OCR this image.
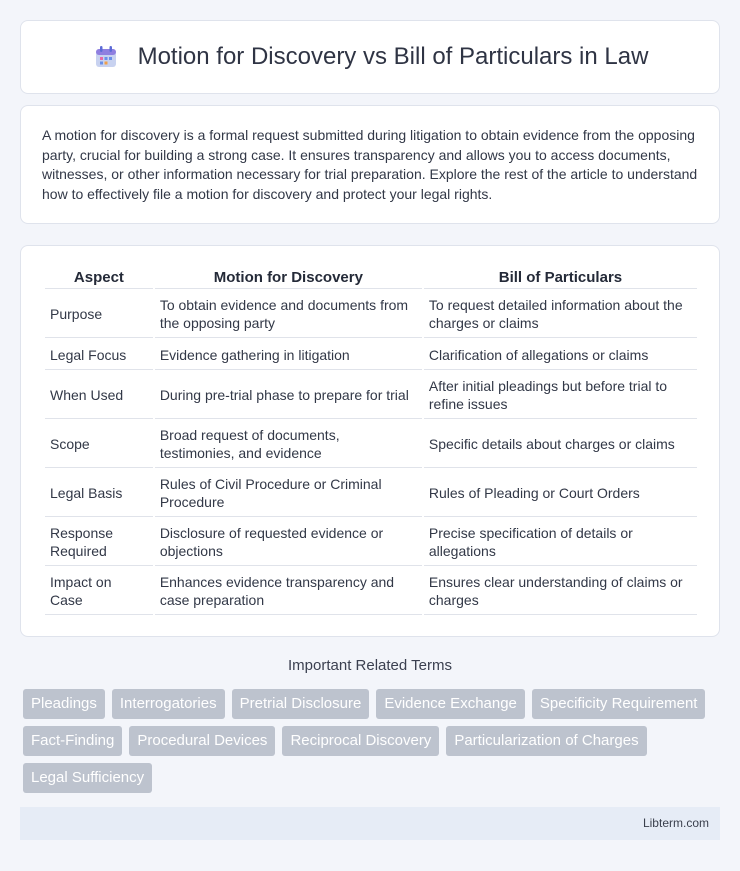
Motion for Discovery vs Bill of Particulars in Law

A motion for discovery is a formal request submitted during litigation to obtain evidence from the opposing party, crucial for building a strong case. It ensures transparency and allows you to access documents, witnesses, or other information necessary for trial preparation. Explore the rest of the article to understand how to effectively file a motion for discovery and protect your legal rights.

Aspect	Motion for Discovery	Bill of Particulars
Purpose	To obtain evidence and documents from the opposing party	To request detailed information about the charges or claims
Legal Focus	Evidence gathering in litigation	Clarification of allegations or claims
When Used	During pre-trial phase to prepare for trial	After initial pleadings but before trial to refine issues
Scope	Broad request of documents, testimonies, and evidence	Specific details about charges or claims
Legal Basis	Rules of Civil Procedure or Criminal Procedure	Rules of Pleading or Court Orders
Response Required	Disclosure of requested evidence or objections	Precise specification of details or allegations
Impact on Case	Enhances evidence transparency and case preparation	Ensures clear understanding of claims or charges
Important Related Terms
Pleadings	Interrogatories	Pretrial Disclosure	Evidence Exchange	Specificity Requirement
Fact-Finding	Procedural Devices	Reciprocal Discovery	Particularization of Charges
Legal Sufficiency
Libterm.com
